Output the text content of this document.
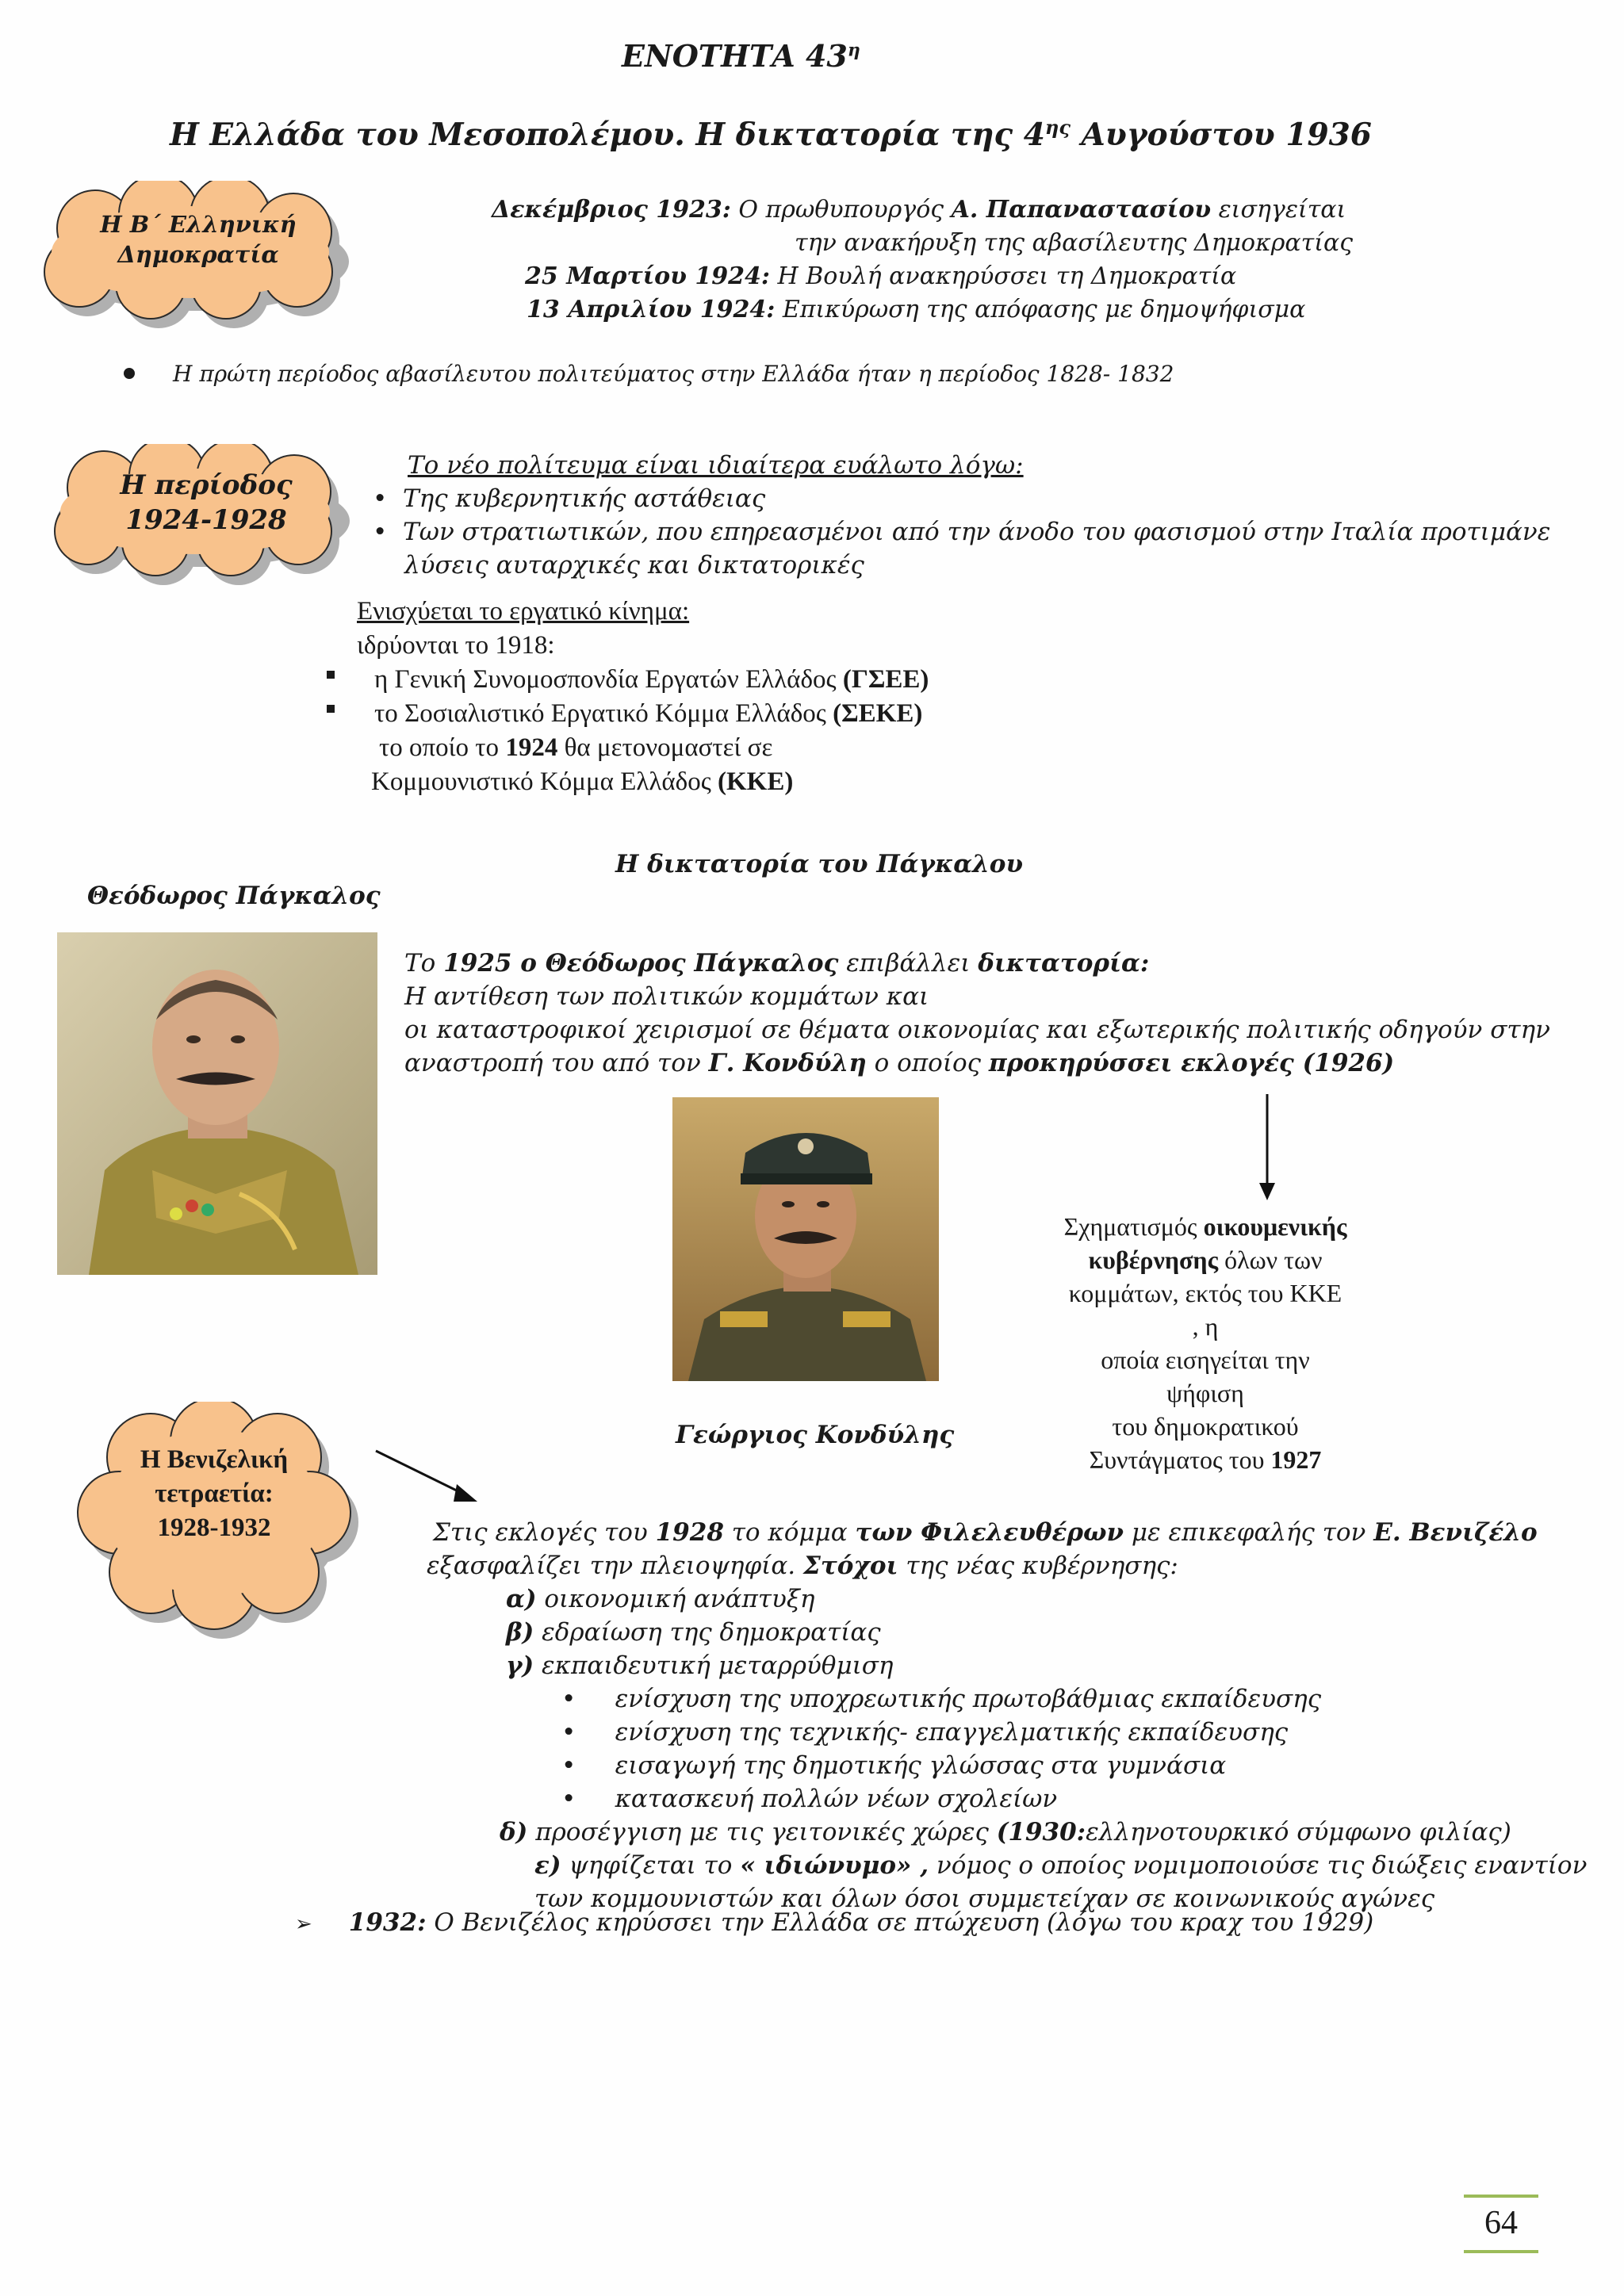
ΕΝΟΤΗΤΑ $43^\eta$
Η Ελλάδα του Μεσοπολέμου. Η δικτατορία της $4^{\eta\varsigma}$ Αυγούστου 1936
Η Β΄ Ελληνική
Δημοκρατία
Η περίοδος
1924-1928
Η Βενιζελική
τετραετία:
1928-1932
Δεκέμβριος 1923: Ο πρωθυπουργός Α. Παπαναστασίου εισηγείται
την ανακήρυξη της αβασίλευτης Δημοκρατίας
25 Μαρτίου 1924: Η Βουλή ανακηρύσσει τη Δημοκρατία
13 Απριλίου 1924: Επικύρωση της απόφασης με δημοψήφισμα
Η πρώτη περίοδος αβασίλευτου πολιτεύματος στην Ελλάδα ήταν η περίοδος 1828- 1832
Το νέο πολίτευμα είναι ιδιαίτερα ευάλωτο λόγω:
•  Της κυβερνητικής αστάθειας
•  Των στρατιωτικών, που επηρεασμένοι από την άνοδο του φασισμού στην Ιταλία προτιμάνε
λύσεις αυταρχικές και δικτατορικές
Ενισχύεται το εργατικό κίνημα:
ιδρύονται το 1918:
η Γενική Συνομοσπονδία Εργατών Ελλάδος (ΓΣΕΕ)
το Σοσιαλιστικό Εργατικό Κόμμα Ελλάδος (ΣΕΚΕ)
το οποίο το 1924 θα μετονομαστεί σε
Κομμουνιστικό Κόμμα Ελλάδος (ΚΚΕ)
Η δικτατορία του Πάγκαλου
Θεόδωρος Πάγκαλος
Το 1925 ο Θεόδωρος Πάγκαλος επιβάλλει δικτατορία:
Η αντίθεση των πολιτικών κομμάτων και
οι καταστροφικοί χειρισμοί σε θέματα οικονομίας και εξωτερικής πολιτικής οδηγούν στην
αναστροπή του από τον Γ. Κονδύλη ο οποίος προκηρύσσει εκλογές (1926)
Γεώργιος Κονδύλης
Σχηματισμός οικουμενικής
κυβέρνησης όλων των
κομμάτων, εκτός του ΚΚΕ , η
οποία εισηγείται την ψήφιση
του δημοκρατικού
Συντάγματος του 1927
Στις εκλογές του 1928 το κόμμα των Φιλελευθέρων με επικεφαλής τον Ε. Βενιζέλο
εξασφαλίζει την πλειοψηφία. Στόχοι της νέας κυβέρνησης:
α) οικονομική ανάπτυξη
β) εδραίωση της δημοκρατίας
γ) εκπαιδευτική μεταρρύθμιση
•     ενίσχυση της υποχρεωτικής πρωτοβάθμιας εκπαίδευσης
•     ενίσχυση της τεχνικής- επαγγελματικής εκπαίδευσης
•     εισαγωγή της δημοτικής γλώσσας στα γυμνάσια
•     κατασκευή πολλών νέων σχολείων
δ) προσέγγιση με τις γειτονικές χώρες (1930:ελληνοτουρκικό σύμφωνο φιλίας)
ε) ψηφίζεται το « ιδιώνυμο» , νόμος ο οποίος νομιμοποιούσε τις διώξεις εναντίον
των κομμουνιστών και όλων όσοι συμμετείχαν σε κοινωνικούς αγώνες
➢ 1932: Ο Βενιζέλος κηρύσσει την Ελλάδα σε πτώχευση (λόγω του κραχ του 1929)
64
